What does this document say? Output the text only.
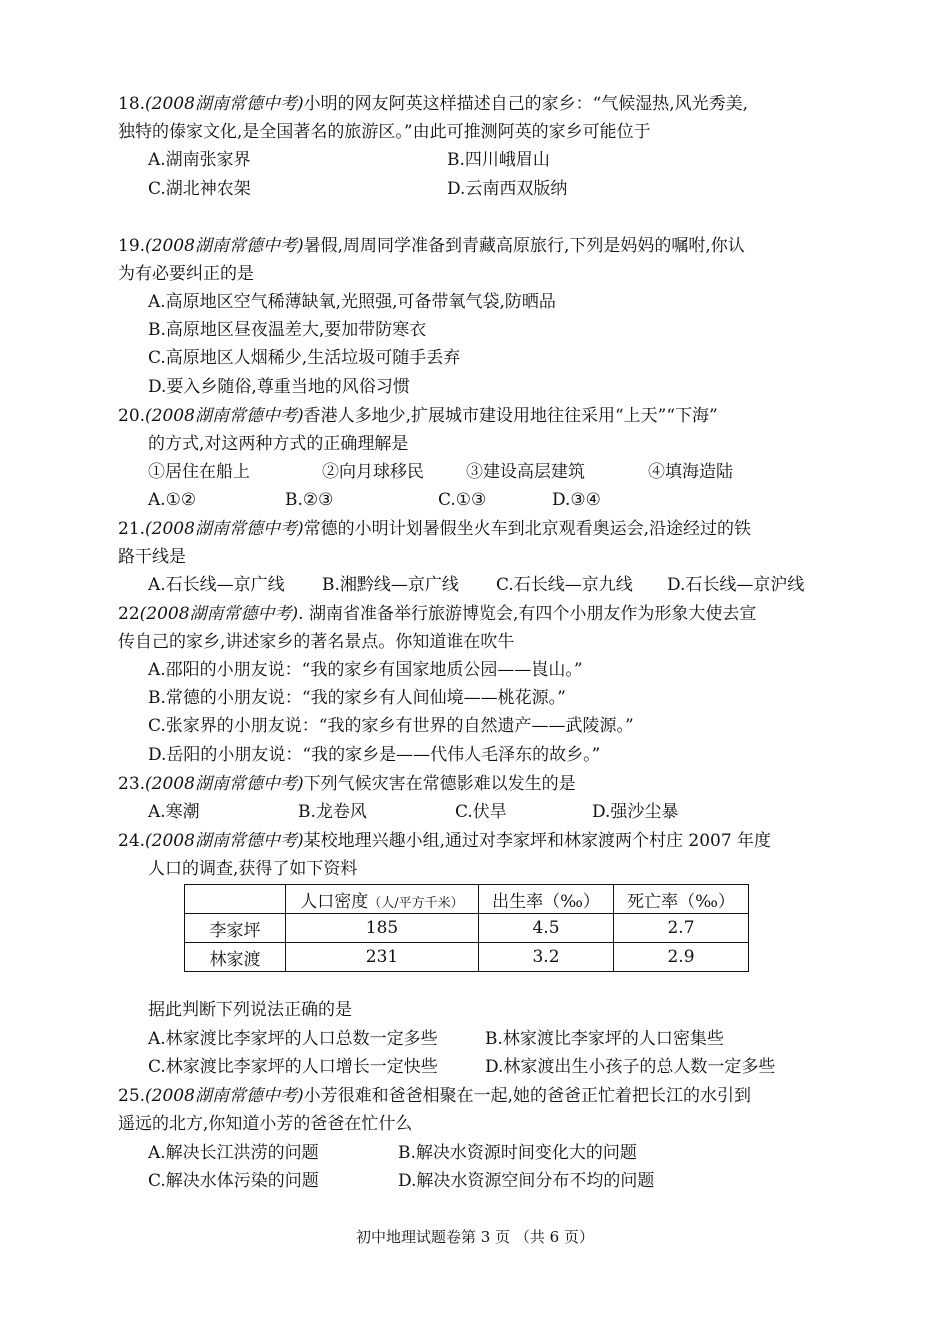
18.(2008湖南常德中考)小明的网友阿英这样描述自己的家乡：“气候湿热,风光秀美,
独特的傣家文化,是全国著名的旅游区。”由此可推测阿英的家乡可能位于
A.湖南张家界	B.四川峨眉山
C.湖北神农架	D.云南西双版纳
19.(2008湖南常德中考)暑假,周周同学准备到青藏高原旅行,下列是妈妈的嘱咐,你认
为有必要纠正的是
A.高原地区空气稀薄缺氧,光照强,可备带氧气袋,防晒品
B.高原地区昼夜温差大,要加带防寒衣
C.高原地区人烟稀少,生活垃圾可随手丢弃
D.要入乡随俗,尊重当地的风俗习惯
20.(2008湖南常德中考)香港人多地少,扩展城市建设用地往往采用“上天”“下海”
的方式,对这两种方式的正确理解是
①居住在船上	②向月球移民 ③建设高层建筑	④填海造陆
A.①②	B.②③	C.①③	D.③④
21.(2008湖南常德中考)常德的小明计划暑假坐火车到北京观看奥运会,沿途经过的铁
路干线是
A.石长线—京广线 B.湘黔线—京广线 C.石长线—京九线 D.石长线—京沪线
22(2008湖南常德中考). 湖南省准备举行旅游博览会,有四个小朋友作为形象大使去宣
传自己的家乡,讲述家乡的著名景点。你知道谁在吹牛
A.邵阳的小朋友说：“我的家乡有国家地质公园——崀山。”
B.常德的小朋友说：“我的家乡有人间仙境——桃花源。”
C.张家界的小朋友说：“我的家乡有世界的自然遗产——武陵源。”
D.岳阳的小朋友说：“我的家乡是——代伟人毛泽东的故乡。”
23.(2008湖南常德中考)下列气候灾害在常德影难以发生的是
A.寒潮	B.龙卷风	C.伏旱	D.强沙尘暴
24.(2008湖南常德中考)某校地理兴趣小组,通过对李家坪和林家渡两个村庄 2007 年度
人口的调查,获得了如下资料
	人口密度（人/平方千米）	出生率（‰）	死亡率（‰）
李家坪	185	4.5	2.7
林家渡	231	3.2	2.9
据此判断下列说法正确的是
A.林家渡比李家坪的人口总数一定多些	B.林家渡比李家坪的人口密集些
C.林家渡比李家坪的人口增长一定快些	D.林家渡出生小孩子的总人数一定多些
25.(2008湖南常德中考)小芳很难和爸爸相聚在一起,她的爸爸正忙着把长江的水引到
遥远的北方,你知道小芳的爸爸在忙什么
A.解决长江洪涝的问题	B.解决水资源时间变化大的问题
C.解决水体污染的问题	D.解决水资源空间分布不均的问题
初中地理试题卷第 3 页 （共 6 页）
